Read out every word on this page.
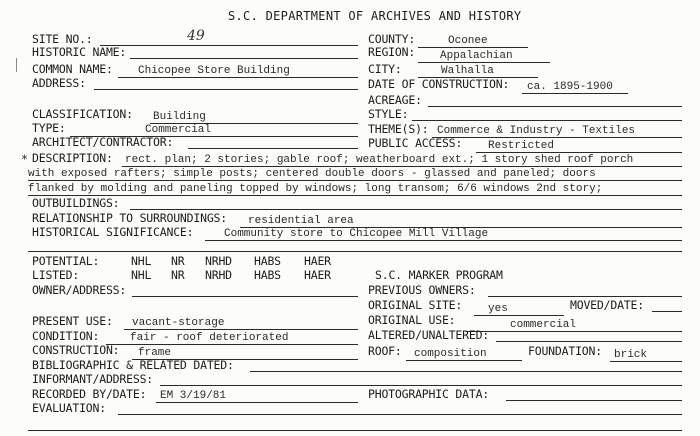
S.C. DEPARTMENT OF ARCHIVES AND HISTORY
SITE NO.:	49	COUNTY:	Oconee
HISTORIC NAME:	REGION: Appalachian
COMMON NAME: Chicopee Store Building	CITY:	Walhalla
ADDRESS:	DATE OF CONSTRUCTION: ca. 1895-1900
ACREAGE:
CLASSIFICATION: Building	STYLE:
TYPE:	Commercial	THEME(S): Commerce & Industry - Textiles
ARCHITECT/CONTRACTOR:	PUBLIC ACCESS: Restricted
* DESCRIPTION: rect. plan; 2 stories; gable roof; weatherboard ext.; 1 story shed roof porch
with exposed rafters; simple posts; centered double doors - glassed and paneled; doors
flanked by molding and paneling topped by windows; long transom; 6/6 windows 2nd story;
OUTBUILDINGS:
RELATIONSHIP TO SURROUNDINGS: residential area
HISTORICAL SIGNIFICANCE:	Community store to Chicopee Mill Village
POTENTIAL:	NHL NR NRHD HABS HAER
LISTED:	NHL NR NRHD HABS HAER	S.C. MARKER PROGRAM
OWNER/ADDRESS:	PREVIOUS OWNERS:
ORIGINAL SITE: yes	MOVED/DATE:
PRESENT USE: vacant-storage	ORIGINAL USE:	commercial
CONDITION:	fair - roof deteriorated	ALTERED/UNALTERED:
CONSTRUCTION: frame	ROOF: composition	FOUNDATION: brick
BIBLIOGRAPHIC & RELATED DATED:
INFORMANT/ADDRESS:
RECORDED BY/DATE: EM 3/19/81	PHOTOGRAPHIC DATA:
EVALUATION:
